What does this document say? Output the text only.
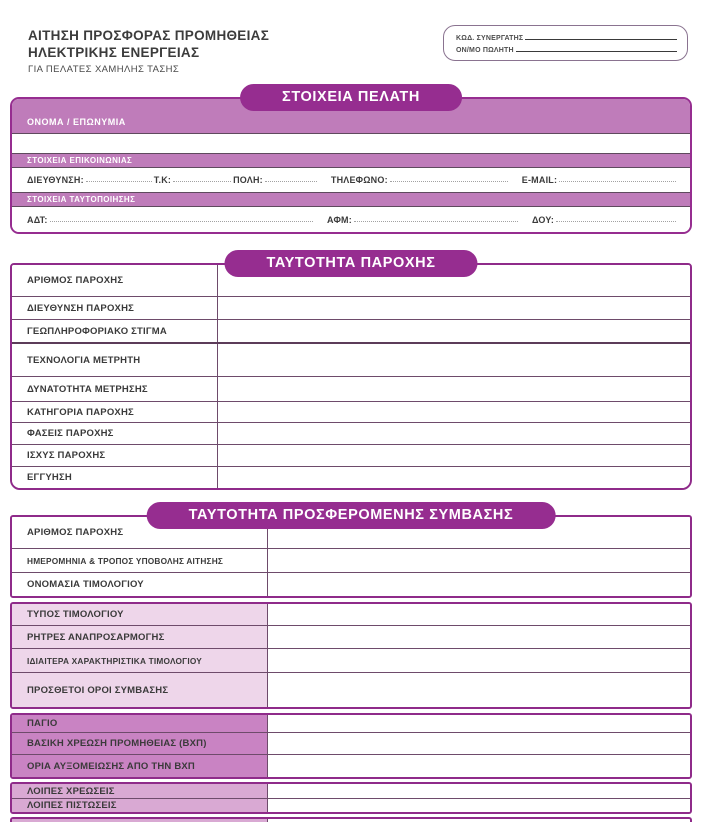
ΑΙΤΗΣΗ ΠΡΟΣΦΟΡΑΣ ΠΡΟΜΗΘΕΙΑΣ
ΗΛΕΚΤΡΙΚΗΣ ΕΝΕΡΓΕΙΑΣ
ΓΙΑ ΠΕΛΑΤΕΣ ΧΑΜΗΛΗΣ ΤΑΣΗΣ
ΚΩΔ. ΣΥΝΕΡΓΑΤΗΣ
ΟΝ/ΜΟ ΠΩΛΗΤΗ
ΣΤΟΙΧΕΙΑ ΠΕΛΑΤΗ
ΟΝΟΜΑ / ΕΠΩΝΥΜΙΑ
ΣΤΟΙΧΕΙΑ ΕΠΙΚΟΙΝΩΝΙΑΣ
ΔΙΕΥΘΥΝΣΗ:	Τ.Κ:	ΠΟΛΗ:	ΤΗΛΕΦΩΝΟ:	E-MAIL:
ΣΤΟΙΧΕΙΑ ΤΑΥΤΟΠΟΙΗΣΗΣ
ΑΔΤ:	ΑΦΜ:	ΔΟΥ:
ΤΑΥΤΟΤΗΤΑ ΠΑΡΟΧΗΣ
ΑΡΙΘΜΟΣ ΠΑΡΟΧΗΣ
ΔΙΕΥΘΥΝΣΗ ΠΑΡΟΧΗΣ
ΓΕΩΠΛΗΡΟΦΟΡΙΑΚΟ ΣΤΙΓΜΑ
ΤΕΧΝΟΛΟΓΙΑ ΜΕΤΡΗΤΗ
ΔΥΝΑΤΟΤΗΤΑ ΜΕΤΡΗΣΗΣ
ΚΑΤΗΓΟΡΙΑ ΠΑΡΟΧΗΣ
ΦΑΣΕΙΣ ΠΑΡΟΧΗΣ
ΙΣΧΥΣ ΠΑΡΟΧΗΣ
ΕΓΓΥΗΣΗ
ΤΑΥΤΟΤΗΤΑ ΠΡΟΣΦΕΡΟΜΕΝΗΣ ΣΥΜΒΑΣΗΣ
ΑΡΙΘΜΟΣ ΠΑΡΟΧΗΣ
ΗΜΕΡΟΜΗΝΙΑ & ΤΡΟΠΟΣ ΥΠΟΒΟΛΗΣ ΑΙΤΗΣΗΣ
ΟΝΟΜΑΣΙΑ ΤΙΜΟΛΟΓΙΟΥ
ΤΥΠΟΣ ΤΙΜΟΛΟΓΙΟΥ
ΡΗΤΡΕΣ ΑΝΑΠΡΟΣΑΡΜΟΓΗΣ
ΙΔΙΑΙΤΕΡΑ ΧΑΡΑΚΤΗΡΙΣΤΙΚΑ ΤΙΜΟΛΟΓΙΟΥ
ΠΡΟΣΘΕΤΟΙ ΟΡΟΙ ΣΥΜΒΑΣΗΣ
ΠΑΓΙΟ
ΒΑΣΙΚΗ ΧΡΕΩΣΗ ΠΡΟΜΗΘΕΙΑΣ (ΒΧΠ)
ΟΡΙΑ ΑΥΞΟΜΕΙΩΣΗΣ ΑΠΟ ΤΗΝ ΒΧΠ
ΛΟΙΠΕΣ ΧΡΕΩΣΕΙΣ
ΛΟΙΠΕΣ ΠΙΣΤΩΣΕΙΣ
